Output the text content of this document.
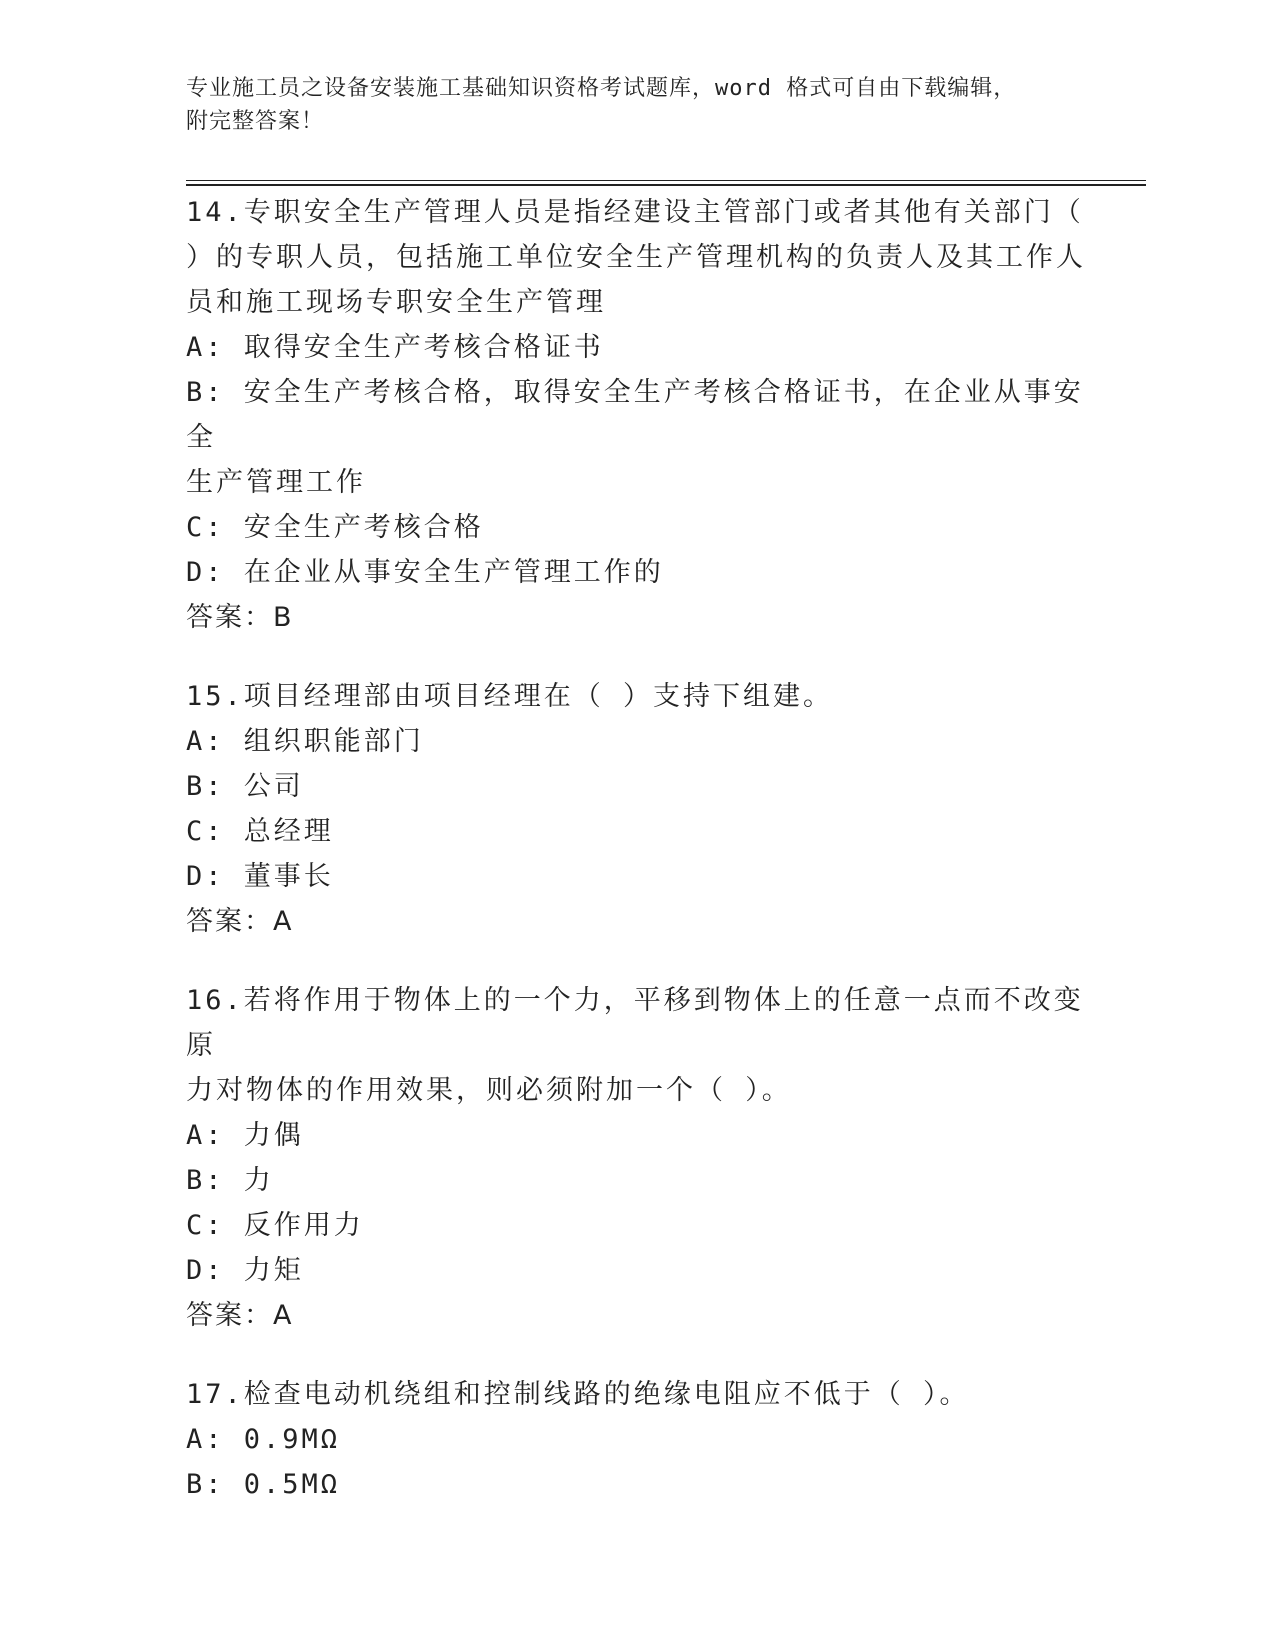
专业施工员之设备安装施工基础知识资格考试题库，word 格式可自由下载编辑，
附完整答案！

14.专职安全生产管理人员是指经建设主管部门或者其他有关部门（

）的专职人员，包括施工单位安全生产管理机构的负责人及其工作人

员和施工现场专职安全生产管理

A: 取得安全生产考核合格证书

B: 安全生产考核合格，取得安全生产考核合格证书，在企业从事安全

生产管理工作

C: 安全生产考核合格

D: 在企业从事安全生产管理工作的

答案：B

15.项目经理部由项目经理在（ ）支持下组建。

A: 组织职能部门

B: 公司

C: 总经理

D: 董事长

答案：A

16.若将作用于物体上的一个力，平移到物体上的任意一点而不改变原

力对物体的作用效果，则必须附加一个（ ）。

A: 力偶

B: 力

C: 反作用力

D: 力矩

答案：A

17.检查电动机绕组和控制线路的绝缘电阻应不低于（ ）。

A: 0.9MΩ

B: 0.5MΩ
